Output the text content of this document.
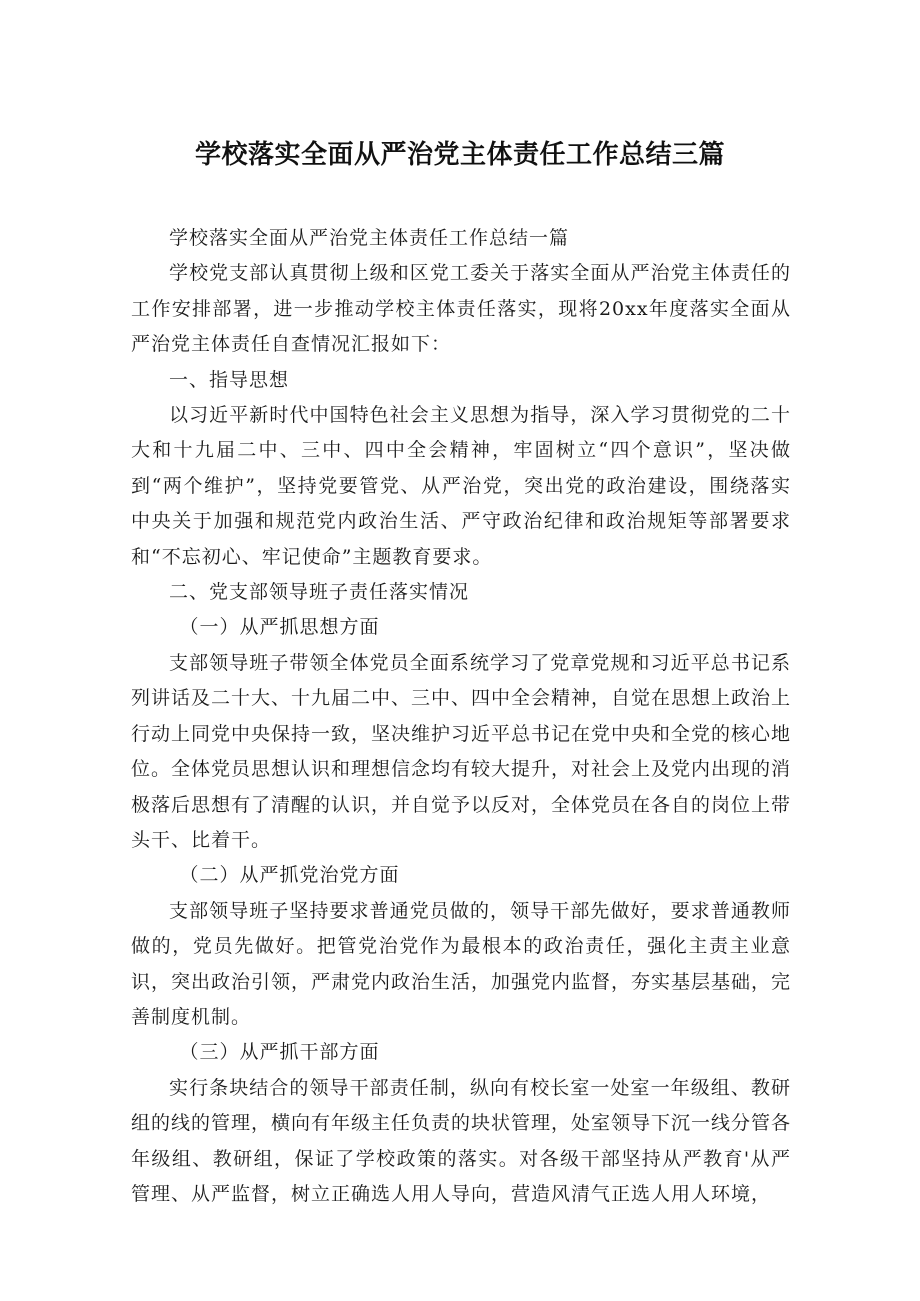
学校落实全面从严治党主体责任工作总结三篇

学校落实全面从严治党主体责任工作总结一篇

学校党支部认真贯彻上级和区党工委关于落实全面从严治党主体责任的工作安排部署，进一步推动学校主体责任落实，现将20xx年度落实全面从严治党主体责任自查情况汇报如下：

一、指导思想

以习近平新时代中国特色社会主义思想为指导，深入学习贯彻党的二十大和十九届二中、三中、四中全会精神，牢固树立“四个意识”，坚决做到“两个维护”，坚持党要管党、从严治党，突出党的政治建设，围绕落实中央关于加强和规范党内政治生活、严守政治纪律和政治规矩等部署要求和“不忘初心、牢记使命”主题教育要求。

二、党支部领导班子责任落实情况

（一）从严抓思想方面

支部领导班子带领全体党员全面系统学习了党章党规和习近平总书记系列讲话及二十大、十九届二中、三中、四中全会精神，自觉在思想上政治上行动上同党中央保持一致，坚决维护习近平总书记在党中央和全党的核心地位。全体党员思想认识和理想信念均有较大提升，对社会上及党内出现的消极落后思想有了清醒的认识，并自觉予以反对，全体党员在各自的岗位上带头干、比着干。

（二）从严抓党治党方面

支部领导班子坚持要求普通党员做的，领导干部先做好，要求普通教师做的，党员先做好。把管党治党作为最根本的政治责任，强化主责主业意识，突出政治引领，严肃党内政治生活，加强党内监督，夯实基层基础，完善制度机制。

（三）从严抓干部方面

实行条块结合的领导干部责任制，纵向有校长室一处室一年级组、教研组的线的管理，横向有年级主任负责的块状管理，处室领导下沉一线分管各年级组、教研组，保证了学校政策的落实。对各级干部坚持从严教育'从严管理、从严监督，树立正确选人用人导向，营造风清气正选人用人环境，
